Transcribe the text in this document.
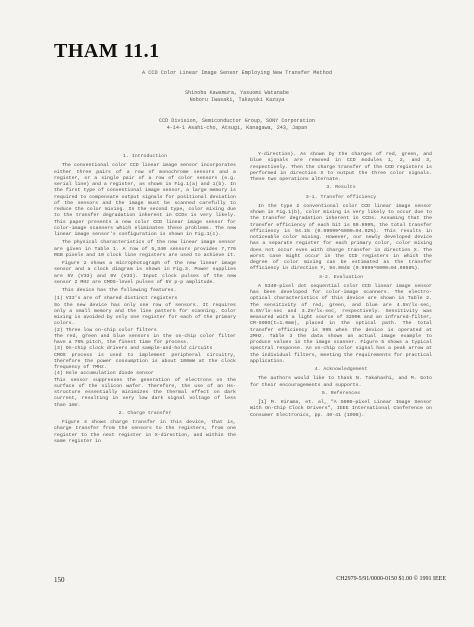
THAM 11.1
A CCD Color Linear Image Sensor Employing New Transfer Method
Shinobu Kawamura, Yasuomi Watanabe
Noboru Iwasaki, Takayuki Kazuya
CCD Division, Semiconductor Group, SONY Corporation
4-14-1 Asahi-cho, Atsugi, Kanagawa, 243, Japan
1. Introduction

The conventional color CCD linear image sensor incorporates either three pairs of a row of monochrome sensors and a register, or a single pair of a row of color sensors (e.g. serial line) and a register, as shown in Fig.1(a) and 1(b). In the first type of conventional image sensor, a large memory is required to compensate output signals for positional deviation of the sensors and the image must be scanned carefully to reduce the color mixing. In the second type, color mixing due to the transfer degradation inherent in CCDs is very likely. This paper presents a new color CCD linear image sensor for color-image scanners which eliminates these problems. The new linear image sensor's configuration is shown in Fig.1(c).

The physical characteristics of the new linear image sensor are given in Table 1. A row of 5,340 sensors provides 7,776 RGB pixels and 10 clock line registers are used to achieve it.

Figure 2 shows a microphotograph of the new linear image sensor and a clock diagram is shown in Fig.3. Power supplies are 5V (V33) and 9V (V33). Input clock pulses of the new sensor 2 MHz are CMOS-level pulses of 5V p-p amplitude.

This device has the following features.

(1) V33's are of shared distinct registers
So the new device has only one row of sensors. It requires only a small memory and the line pattern for scanning. Color mixing is avoided by only one register for each of the primary colors.
(2) Three low on-chip color filters
The red, green and blue sensors in the on-chip color filter have a 70% pitch, the finest time for process.
(3) On-chip clock drivers and sample-and-hold circuits
CMOS process is used to implement peripheral circuitry, therefore the power consumption is about 100mW at the clock frequency of 7MHz.
(4) Hole accumulation diode sensor
This sensor suppresses the generation of electrons on the surface of the silicon wafer. Therefore, the use of an Hs-structure essentially minimizes the thermal effect on dark current, resulting in very low dark signal voltage of less than 1mV.
2. Charge transfer

Figure 4 shows charge transfer in this device, that is, charge transfer from the sensors to the registers, from one register to the next register in X-direction, and within the same register in

Y-direction). As shown by the charges of red, green, and blue signals are removed in CCD modules 1, 2, and 3, respectively. Then the charge transfer of the CCD registers is performed in direction X to output the three color signals. These two operations alternate.

3. Results
3-1. Transfer efficiency

In the type 2 conventional color CCD linear image sensor shown in Fig.1(b), color mixing is very likely to occur due to the transfer degradation inherent in CCDs. Assuming that the transfer efficiency of each bit is 99.999%, the total transfer efficiency is 94.1% (0.99999^5000=94.92%). This results in noticeable color mixing. However, our newly developed device has a separate register for each primary color, color mixing does not occur even with charge transfer in direction X. The worst case might occur in the CCD registers in which the degree of color mixing can be estimated as the transfer efficiency in direction Y, 94.9848 (0.9999^5000=94.9958%).

3-2. Evaluation

A 5340-pixel dot sequential color CCD linear image sensor has been developed for color-image scanners. The electro-optical characteristics of this device are shown in Table 2. The sensitivity of red, green, and blue are 4.5V/lx·sec, 6.6V/lx·sec and 3.2V/lx·sec, respectively. Sensitivity was measured with a light source of 3200K and an infrared-filter, CM-500S(t=1.0mm), placed in the optical path. The total transfer efficiency is 99% when the device is operated at 2MHz. Table 3 the data shows an actual image example to produce values in the image scanner. Figure 5 shows a typical spectral response. An on-chip color signal has a peak arrow at the individual filters, meeting the requirements for practical application.

4. Acknowledgement

The authors would like to thank N. Takahashi, and M. Goto for their encouragements and supports.

5. References

[1] M. Hirama, et. al, "A 5000-pixel Linear Image Sensor With On-Chip Clock Drivers", IEEE International Conference on Consumer Electronics, pp. 40-41 (1990).

150	CH2979-5/91/0000-0150 $1.00 © 1991 IEEE
